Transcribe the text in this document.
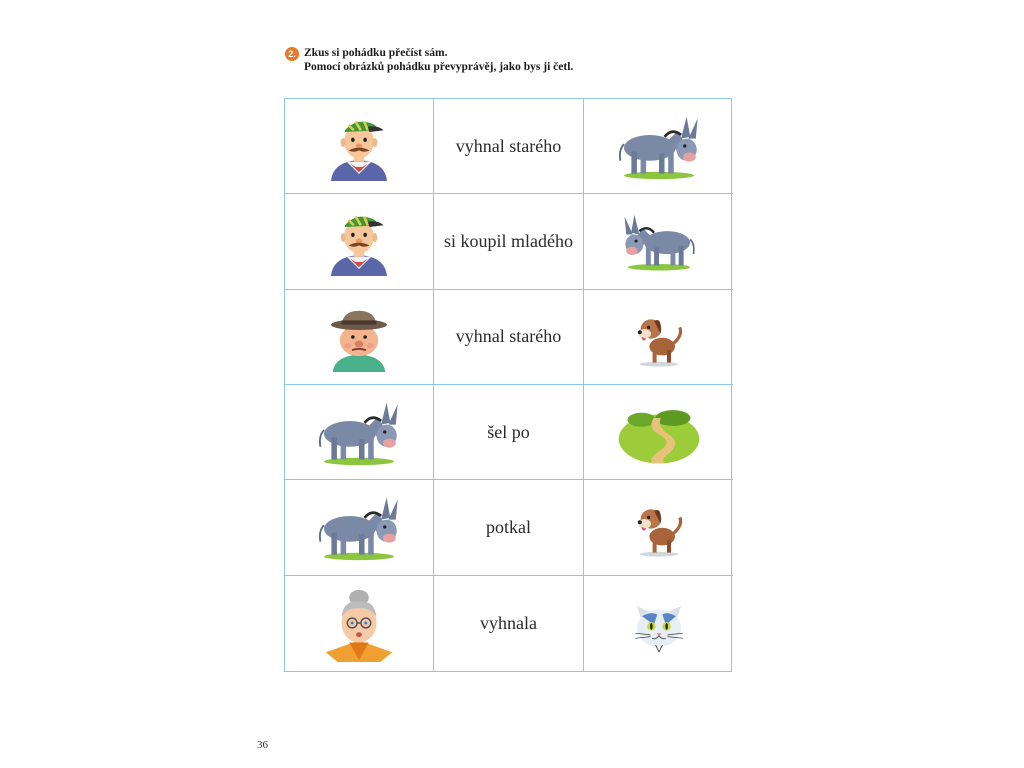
2. Zkus si pohádku přečíst sám.
Pomocí obrázků pohádku převyprávěj, jako bys ji četl.
vyhnal starého
si koupil mladého
vyhnal starého
šel po
potkal
vyhnala
36
